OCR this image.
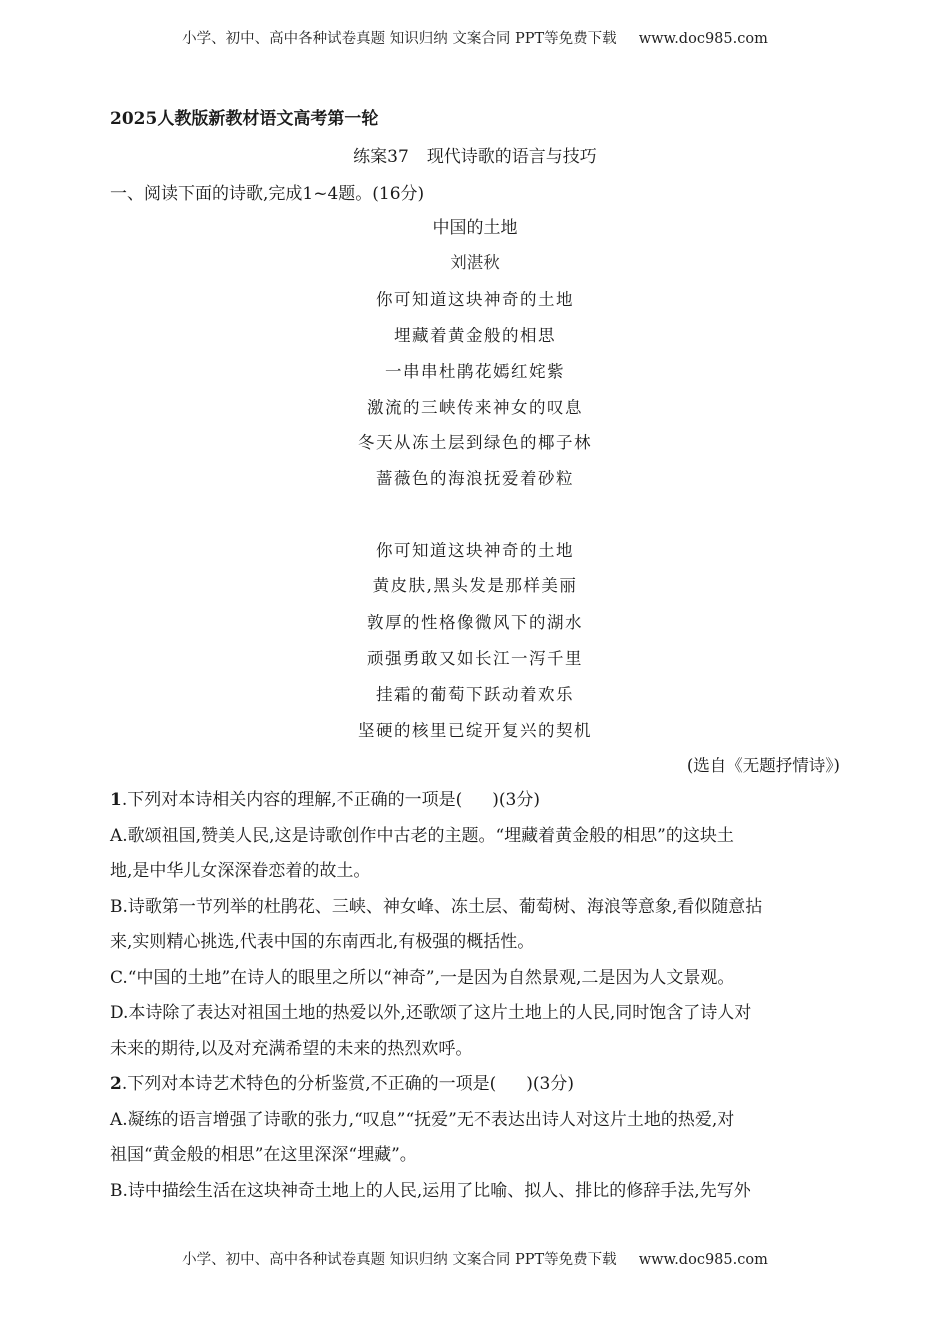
小学、初中、高中各种试卷真题 知识归纳 文案合同 PPT等免费下载 www.doc985.com
2025人教版新教材语文高考第一轮
练案37 现代诗歌的语言与技巧
一、阅读下面的诗歌,完成1~4题。(16分)
中国的土地
刘湛秋
你可知道这块神奇的土地
埋藏着黄金般的相思
一串串杜鹃花嫣红姹紫
激流的三峡传来神女的叹息
冬天从冻土层到绿色的椰子林
蔷薇色的海浪抚爱着砂粒
你可知道这块神奇的土地
黄皮肤,黑头发是那样美丽
敦厚的性格像微风下的湖水
顽强勇敢又如长江一泻千里
挂霜的葡萄下跃动着欢乐
坚硬的核里已绽开复兴的契机
(选自《无题抒情诗》)
1.下列对本诗相关内容的理解,不正确的一项是( )(3分)
A.歌颂祖国,赞美人民,这是诗歌创作中古老的主题。“埋藏着黄金般的相思”的这块土
地,是中华儿女深深眷恋着的故土。
B.诗歌第一节列举的杜鹃花、三峡、神女峰、冻土层、葡萄树、海浪等意象,看似随意拈
来,实则精心挑选,代表中国的东南西北,有极强的概括性。
C.“中国的土地”在诗人的眼里之所以“神奇”,一是因为自然景观,二是因为人文景观。
D.本诗除了表达对祖国土地的热爱以外,还歌颂了这片土地上的人民,同时饱含了诗人对
未来的期待,以及对充满希望的未来的热烈欢呼。
2.下列对本诗艺术特色的分析鉴赏,不正确的一项是( )(3分)
A.凝练的语言增强了诗歌的张力,“叹息”“抚爱”无不表达出诗人对这片土地的热爱,对
祖国“黄金般的相思”在这里深深“埋藏”。
B.诗中描绘生活在这块神奇土地上的人民,运用了比喻、拟人、排比的修辞手法,先写外
小学、初中、高中各种试卷真题 知识归纳 文案合同 PPT等免费下载 www.doc985.com
